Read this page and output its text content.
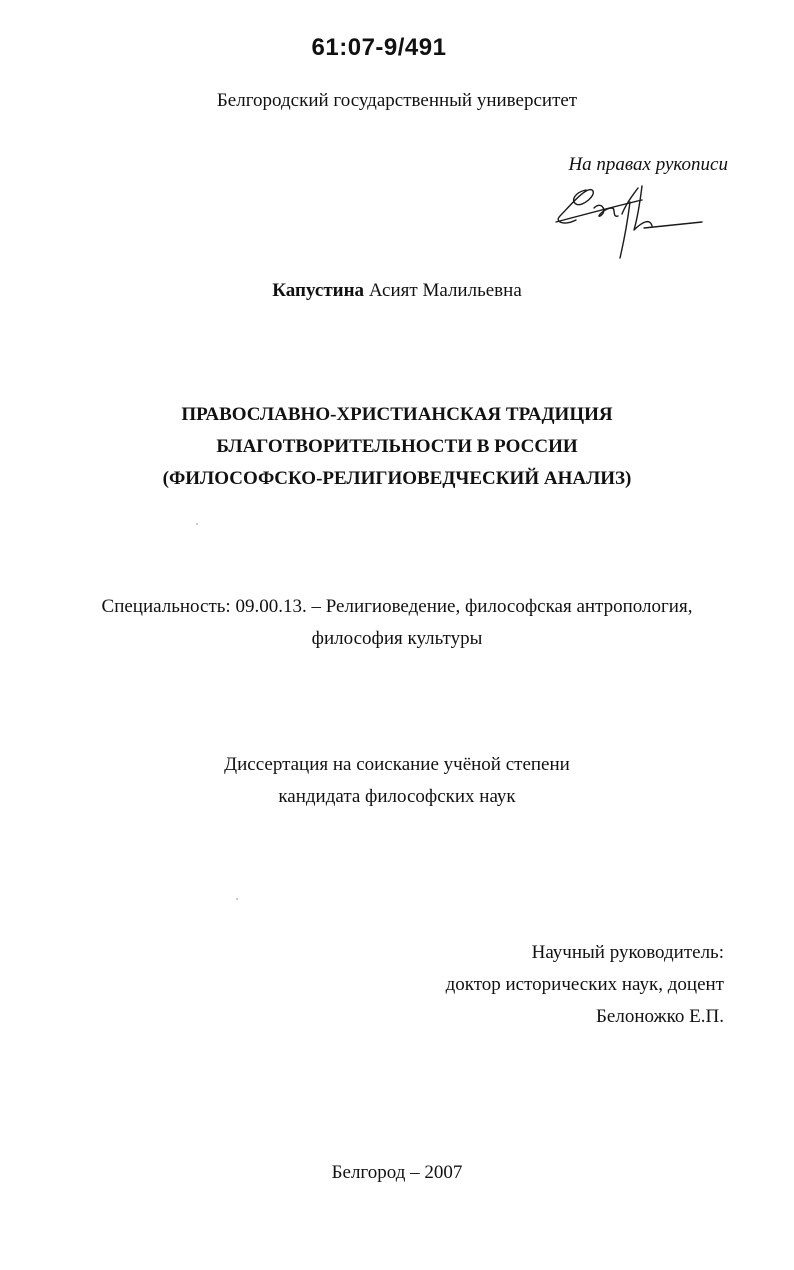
61:07-9/491
Белгородский государственный университет
На правах рукописи
Капустина Асият Малильевна
ПРАВОСЛАВНО-ХРИСТИАНСКАЯ ТРАДИЦИЯ
БЛАГОТВОРИТЕЛЬНОСТИ В РОССИИ
(ФИЛОСОФСКО-РЕЛИГИОВЕДЧЕСКИЙ АНАЛИЗ)
Специальность: 09.00.13. – Религиоведение, философская антропология,
философия культуры
Диссертация на соискание учёной степени
кандидата философских наук
Научный руководитель:
доктор исторических наук, доцент
Белоножко Е.П.
Белгород – 2007
